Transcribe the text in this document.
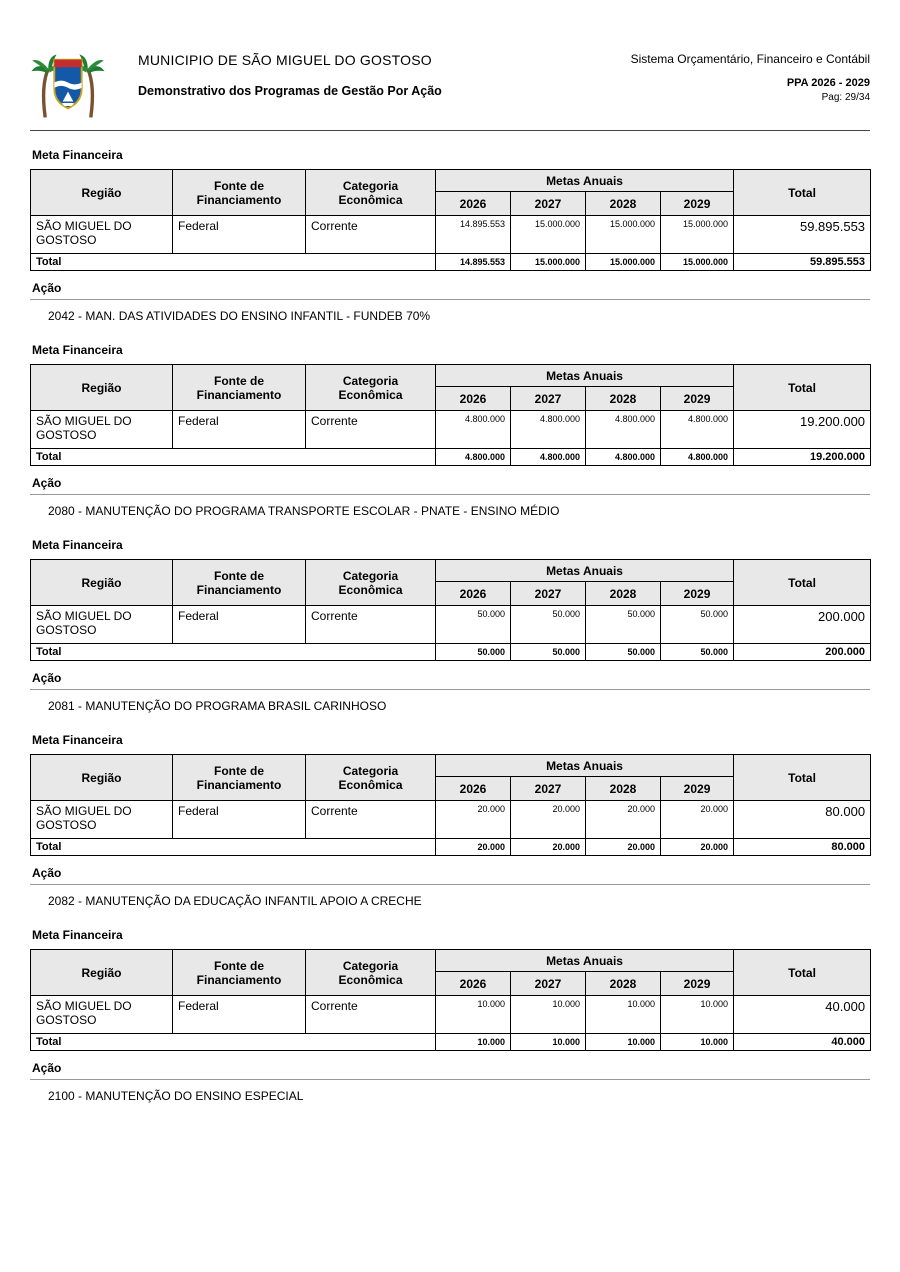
MUNICIPIO DE SÃO MIGUEL DO GOSTOSO
Demonstrativo dos Programas de Gestão Por Ação
Sistema Orçamentário, Financeiro e Contábil
PPA 2026 - 2029
Pag: 29/34
Meta Financeira
Região	Fonte de Financiamento	Categoria Econômica	Metas Anuais				Total
			2026	2027	2028	2029	
SÃO MIGUEL DO GOSTOSO	Federal	Corrente	14.895.553	15.000.000	15.000.000	15.000.000	59.895.553
Total			14.895.553	15.000.000	15.000.000	15.000.000	59.895.553
Ação
2042 - MAN. DAS ATIVIDADES DO ENSINO INFANTIL - FUNDEB 70%
Meta Financeira
Região	Fonte de Financiamento	Categoria Econômica	Metas Anuais				Total
			2026	2027	2028	2029	
SÃO MIGUEL DO GOSTOSO	Federal	Corrente	4.800.000	4.800.000	4.800.000	4.800.000	19.200.000
Total			4.800.000	4.800.000	4.800.000	4.800.000	19.200.000
Ação
2080 - MANUTENÇÃO DO PROGRAMA TRANSPORTE ESCOLAR - PNATE - ENSINO MÉDIO
Meta Financeira
Região	Fonte de Financiamento	Categoria Econômica	Metas Anuais				Total
			2026	2027	2028	2029	
SÃO MIGUEL DO GOSTOSO	Federal	Corrente	50.000	50.000	50.000	50.000	200.000
Total			50.000	50.000	50.000	50.000	200.000
Ação
2081 - MANUTENÇÃO DO PROGRAMA BRASIL CARINHOSO
Meta Financeira
Região	Fonte de Financiamento	Categoria Econômica	Metas Anuais				Total
			2026	2027	2028	2029	
SÃO MIGUEL DO GOSTOSO	Federal	Corrente	20.000	20.000	20.000	20.000	80.000
Total			20.000	20.000	20.000	20.000	80.000
Ação
2082 - MANUTENÇÃO DA EDUCAÇÃO INFANTIL APOIO A CRECHE
Meta Financeira
Região	Fonte de Financiamento	Categoria Econômica	Metas Anuais				Total
			2026	2027	2028	2029	
SÃO MIGUEL DO GOSTOSO	Federal	Corrente	10.000	10.000	10.000	10.000	40.000
Total			10.000	10.000	10.000	10.000	40.000
Ação
2100 - MANUTENÇÃO DO ENSINO ESPECIAL
